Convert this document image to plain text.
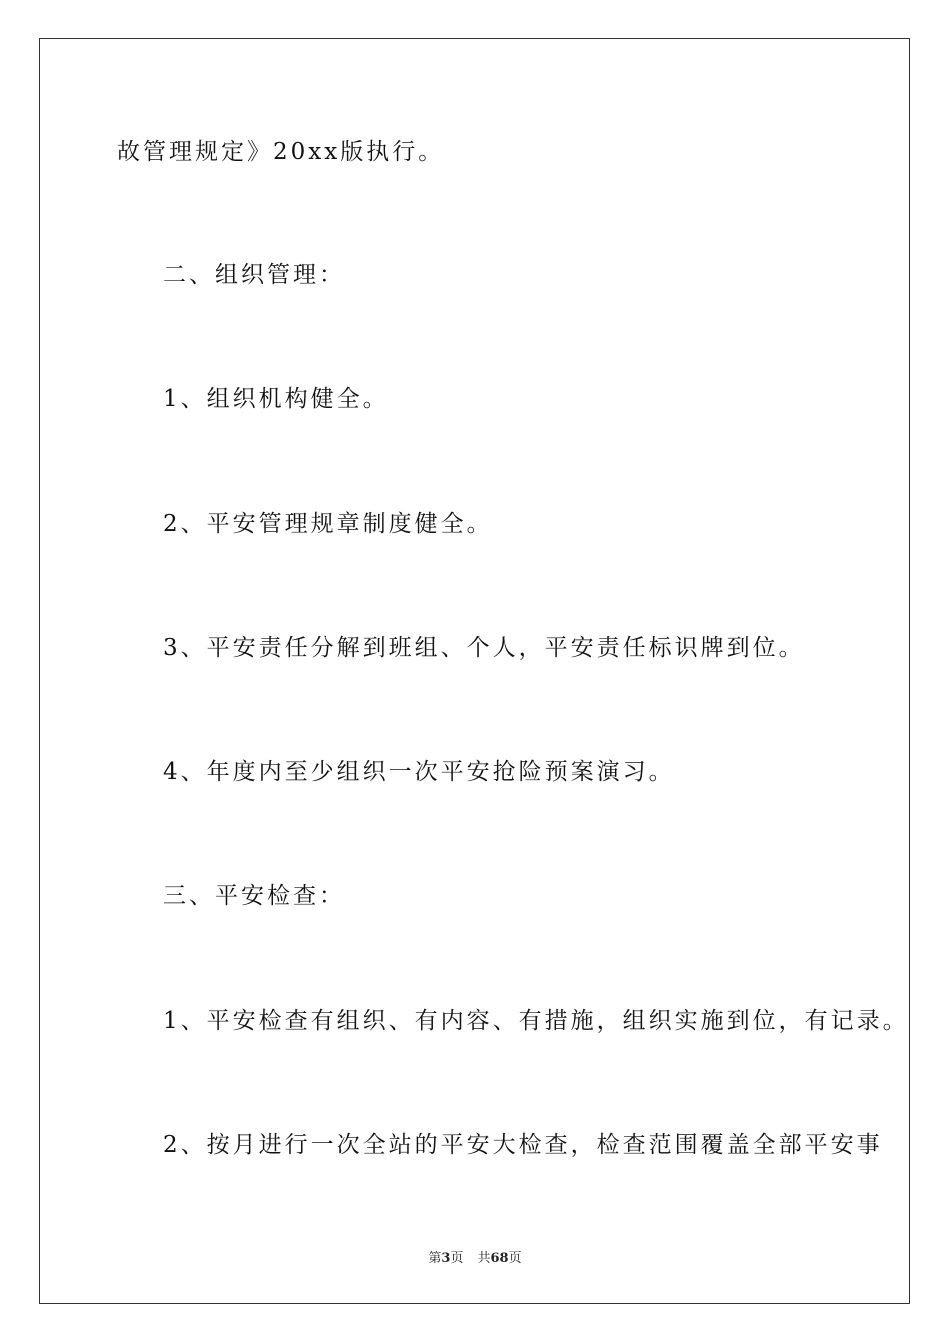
故管理规定》20xx版执行。
二、组织管理：
1、组织机构健全。
2、平安管理规章制度健全。
3、平安责任分解到班组、个人，平安责任标识牌到位。
4、年度内至少组织一次平安抢险预案演习。
三、平安检查：
1、平安检查有组织、有内容、有措施，组织实施到位，有记录。
2、按月进行一次全站的平安大检查，检查范围覆盖全部平安事
第3页 共68页
